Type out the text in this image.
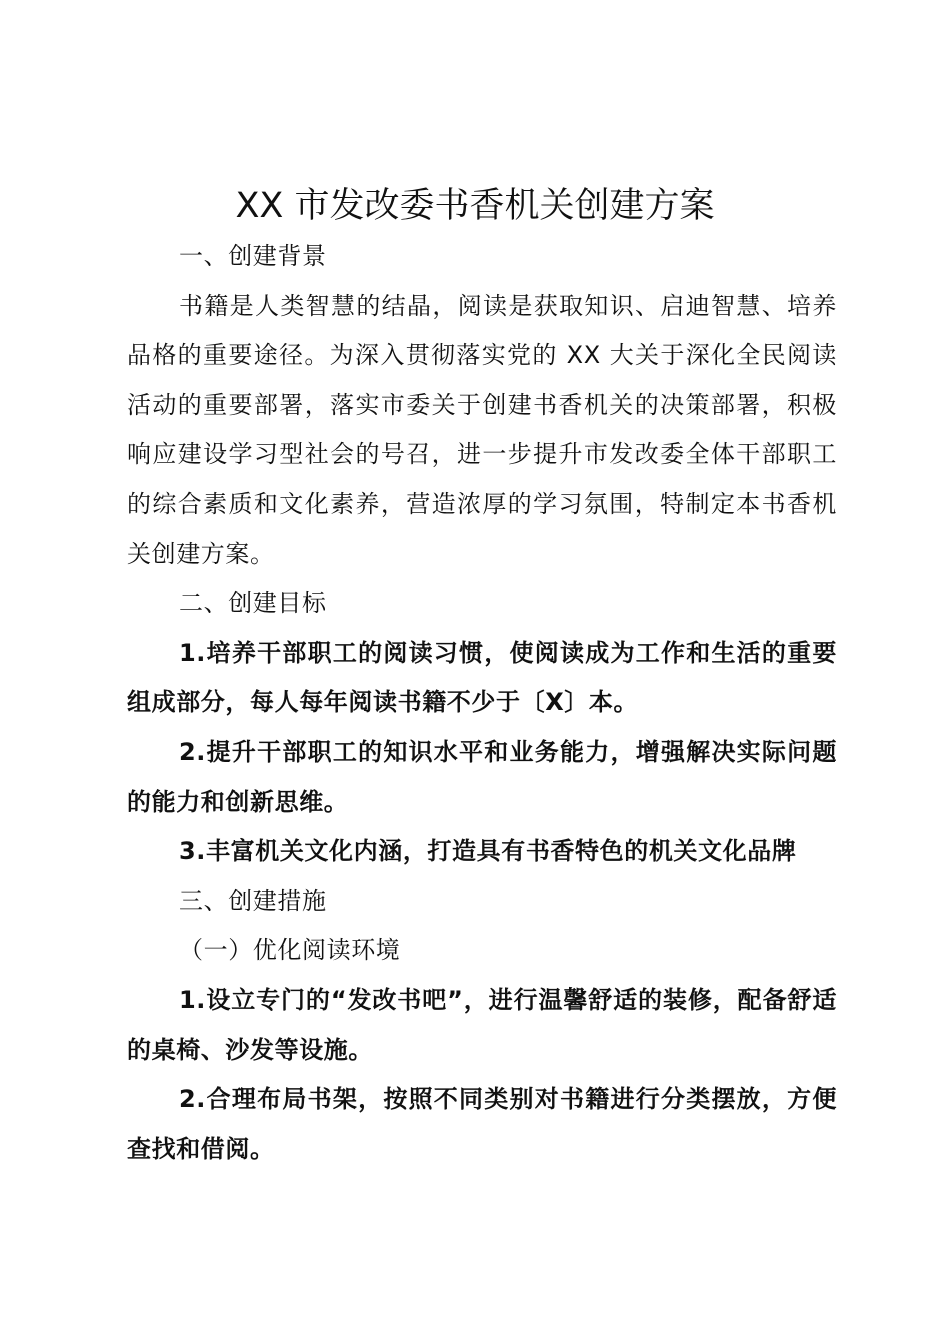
XX 市发改委书香机关创建方案

一、创建背景

书籍是人类智慧的结晶，阅读是获取知识、启迪智慧、培养品格的重要途径。为深入贯彻落实党的 XX 大关于深化全民阅读活动的重要部署，落实市委关于创建书香机关的决策部署，积极响应建设学习型社会的号召，进一步提升市发改委全体干部职工的综合素质和文化素养，营造浓厚的学习氛围，特制定本书香机关创建方案。

二、创建目标

1.培养干部职工的阅读习惯，使阅读成为工作和生活的重要组成部分，每人每年阅读书籍不少于〔X〕本。

2.提升干部职工的知识水平和业务能力，增强解决实际问题的能力和创新思维。

3.丰富机关文化内涵，打造具有书香特色的机关文化品牌

三、创建措施

（一）优化阅读环境

1.设立专门的“发改书吧”，进行温馨舒适的装修，配备舒适的桌椅、沙发等设施。

2.合理布局书架，按照不同类别对书籍进行分类摆放，方便查找和借阅。
